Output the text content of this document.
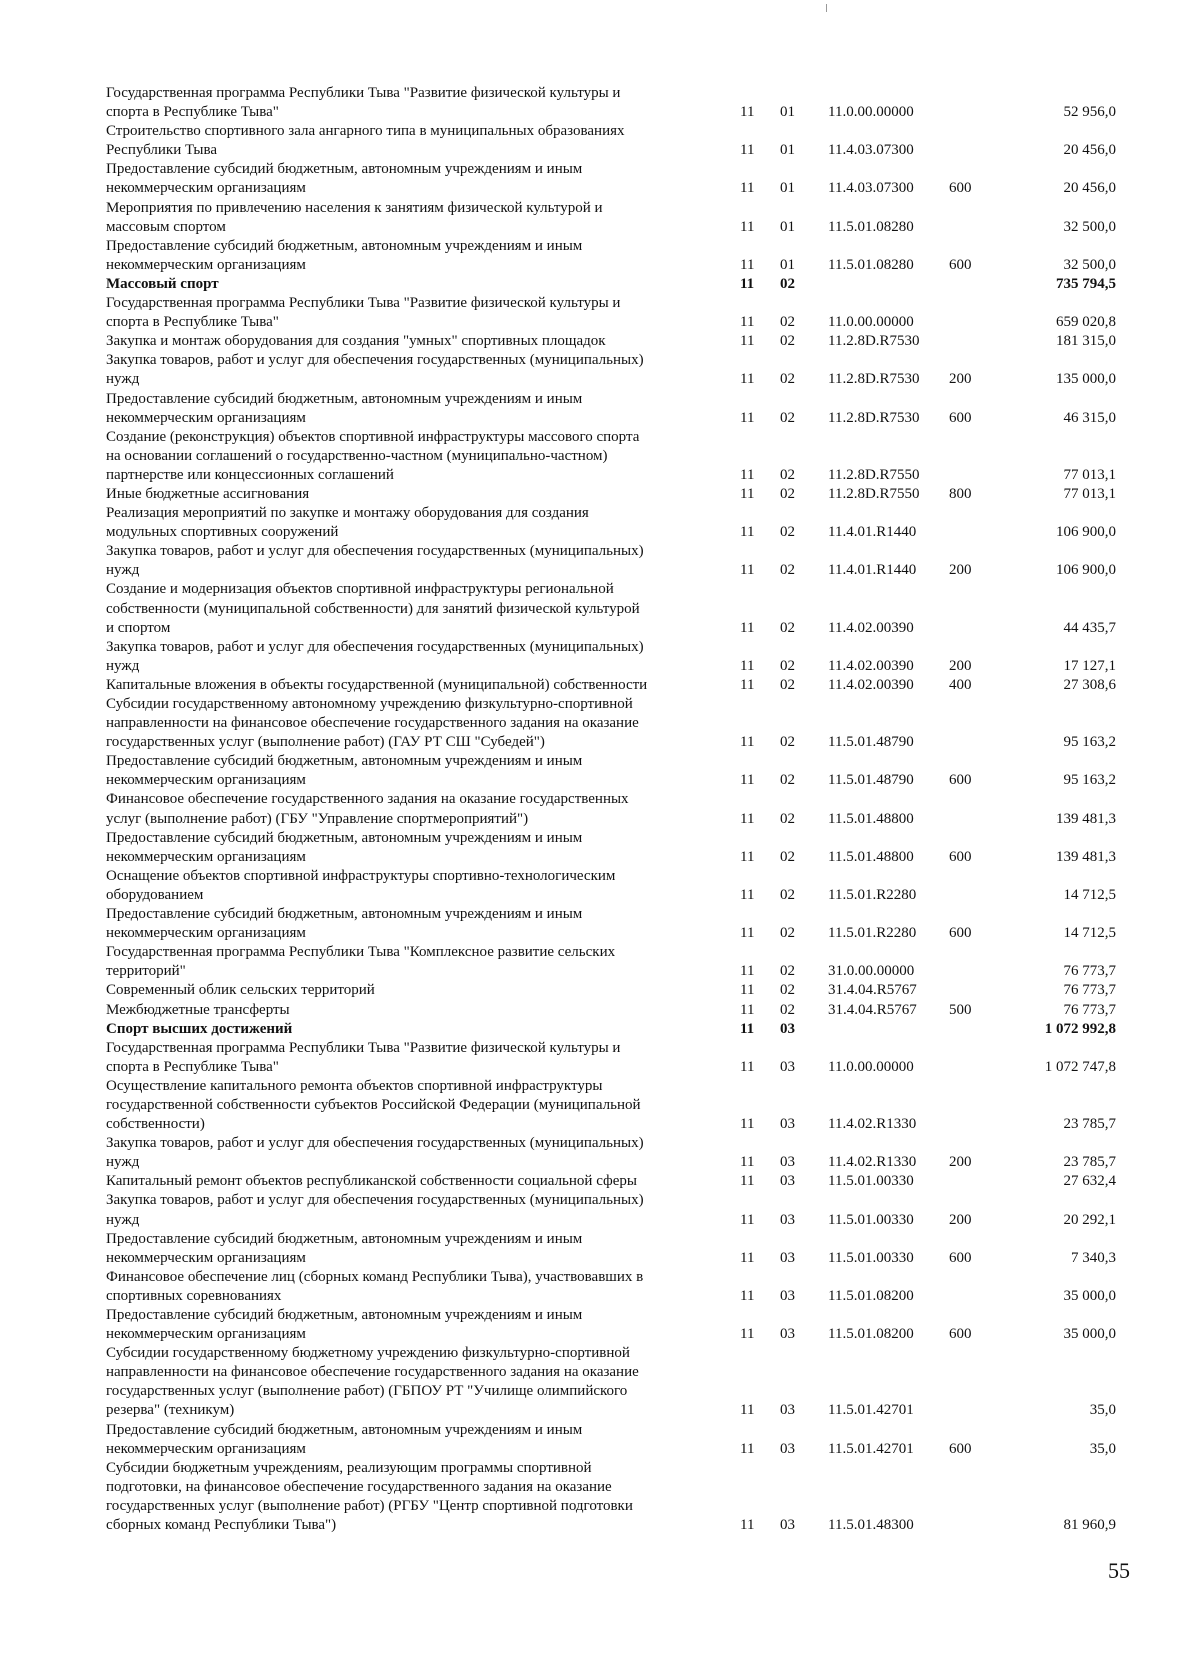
Государственная программа Республики Тыва "Развитие физической культуры и
спорта в Республике Тыва"	11 01 11.0.00.00000	52 956,0
Строительство спортивного зала ангарного типа в муниципальных образованиях
Республики Тыва	11 01 11.4.03.07300	20 456,0
Предоставление субсидий бюджетным, автономным учреждениям и иным
некоммерческим организациям	11 01 11.4.03.07300 600	20 456,0
Мероприятия по привлечению населения к занятиям физической культурой и
массовым спортом	11 01 11.5.01.08280	32 500,0
Предоставление субсидий бюджетным, автономным учреждениям и иным
некоммерческим организациям	11 01 11.5.01.08280 600	32 500,0
Массовый спорт	11 02	735 794,5
Государственная программа Республики Тыва "Развитие физической культуры и
спорта в Республике Тыва"	11 02 11.0.00.00000	659 020,8
Закупка и монтаж оборудования для создания "умных" спортивных площадок	11 02 11.2.8D.R7530	181 315,0
Закупка товаров, работ и услуг для обеспечения государственных (муниципальных)
нужд	11 02 11.2.8D.R7530 200	135 000,0
Предоставление субсидий бюджетным, автономным учреждениям и иным
некоммерческим организациям	11 02 11.2.8D.R7530 600	46 315,0
Создание (реконструкция) объектов спортивной инфраструктуры массового спорта
на основании соглашений о государственно-частном (муниципально-частном)
партнерстве или концессионных соглашений	11 02 11.2.8D.R7550	77 013,1
Иные бюджетные ассигнования	11 02 11.2.8D.R7550 800	77 013,1
Реализация мероприятий по закупке и монтажу оборудования для создания
модульных спортивных сооружений	11 02 11.4.01.R1440	106 900,0
Закупка товаров, работ и услуг для обеспечения государственных (муниципальных)
нужд	11 02 11.4.01.R1440 200	106 900,0
Создание и модернизация объектов спортивной инфраструктуры региональной
собственности (муниципальной собственности) для занятий физической культурой
и спортом	11 02 11.4.02.00390	44 435,7
Закупка товаров, работ и услуг для обеспечения государственных (муниципальных)
нужд	11 02 11.4.02.00390 200	17 127,1
Капитальные вложения в объекты государственной (муниципальной) собственности	11 02 11.4.02.00390 400	27 308,6
Субсидии государственному автономному учреждению физкультурно-спортивной
направленности на финансовое обеспечение государственного задания на оказание
государственных услуг (выполнение работ) (ГАУ РТ СШ "Субедей")	11 02 11.5.01.48790	95 163,2
Предоставление субсидий бюджетным, автономным учреждениям и иным
некоммерческим организациям	11 02 11.5.01.48790 600	95 163,2
Финансовое обеспечение государственного задания на оказание государственных
услуг (выполнение работ) (ГБУ "Управление спортмероприятий")	11 02 11.5.01.48800	139 481,3
Предоставление субсидий бюджетным, автономным учреждениям и иным
некоммерческим организациям	11 02 11.5.01.48800 600	139 481,3
Оснащение объектов спортивной инфраструктуры спортивно-технологическим
оборудованием	11 02 11.5.01.R2280	14 712,5
Предоставление субсидий бюджетным, автономным учреждениям и иным
некоммерческим организациям	11 02 11.5.01.R2280 600	14 712,5
Государственная программа Республики Тыва "Комплексное развитие сельских
территорий"	11 02 31.0.00.00000	76 773,7
Современный облик сельских территорий	11 02 31.4.04.R5767	76 773,7
Межбюджетные трансферты	11 02 31.4.04.R5767 500	76 773,7
Спорт высших достижений	11 03	1 072 992,8
Государственная программа Республики Тыва "Развитие физической культуры и
спорта в Республике Тыва"	11 03 11.0.00.00000	1 072 747,8
Осуществление капитального ремонта объектов спортивной инфраструктуры
государственной собственности субъектов Российской Федерации (муниципальной
собственности)	11 03 11.4.02.R1330	23 785,7
Закупка товаров, работ и услуг для обеспечения государственных (муниципальных)
нужд	11 03 11.4.02.R1330 200	23 785,7
Капитальный ремонт объектов республиканской собственности социальной сферы	11 03 11.5.01.00330	27 632,4
Закупка товаров, работ и услуг для обеспечения государственных (муниципальных)
нужд	11 03 11.5.01.00330 200	20 292,1
Предоставление субсидий бюджетным, автономным учреждениям и иным
некоммерческим организациям	11 03 11.5.01.00330 600	7 340,3
Финансовое обеспечение лиц (сборных команд Республики Тыва), участвовавших в
спортивных соревнованиях	11 03 11.5.01.08200	35 000,0
Предоставление субсидий бюджетным, автономным учреждениям и иным
некоммерческим организациям	11 03 11.5.01.08200 600	35 000,0
Субсидии государственному бюджетному учреждению физкультурно-спортивной
направленности на финансовое обеспечение государственного задания на оказание
государственных услуг (выполнение работ) (ГБПОУ РТ "Училище олимпийского
резерва" (техникум)	11 03 11.5.01.42701	35,0
Предоставление субсидий бюджетным, автономным учреждениям и иным
некоммерческим организациям	11 03 11.5.01.42701 600	35,0
Субсидии бюджетным учреждениям, реализующим программы спортивной
подготовки, на финансовое обеспечение государственного задания на оказание
государственных услуг (выполнение работ) (РГБУ "Центр спортивной подготовки
сборных команд Республики Тыва")	11 03 11.5.01.48300	81 960,9
55
